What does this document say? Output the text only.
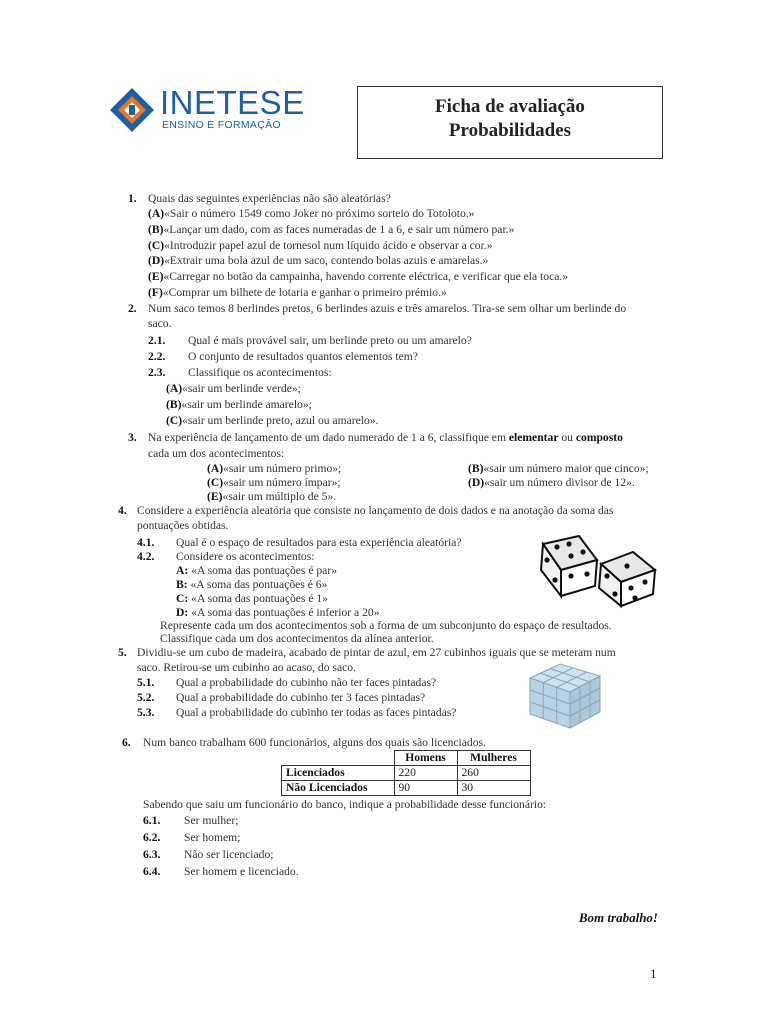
INETESE
ENSINO E FORMAÇÃO
Ficha de avaliação
Probabilidades
1. Quais das seguintes experiências não são aleatórias?
(A)«Sair o número 1549 como Joker no próximo sorteio do Totoloto.»
(B)«Lançar um dado, com as faces numeradas de 1 a 6, e sair um número par.»
(C)«Introduzir papel azul de tornesol num líquido ácido e observar a cor.»
(D)«Extrair uma bola azul de um saco, contendo bolas azuis e amarelas.»
(E)«Carregar no botão da campainha, havendo corrente eléctrica, e verificar que ela toca.»
(F)«Comprar um bilhete de lotaria e ganhar o primeiro prémio.»
2. Num saco temos 8 berlindes pretos, 6 berlindes azuis e três amarelos. Tira-se sem olhar um berlinde do
saco.
2.1. Qual é mais provável sair, um berlinde preto ou um amarelo?
2.2. O conjunto de resultados quantos elementos tem?
2.3. Classifique os acontecimentos:
(A)«sair um berlinde verde»;
(B)«sair um berlinde amarelo»;
(C)«sair um berlinde preto, azul ou amarelo».
3. Na experiência de lançamento de um dado numerado de 1 a 6, classifique em elementar ou composto
cada um dos acontecimentos:
(A)«sair um número primo»;	(B)«sair um número maior que cinco»;
(C)«sair um número ímpar»;	(D)«sair um número divisor de 12».
(E)«sair um múltiplo de 5».
4. Considere a experiência aleatória que consiste no lançamento de dois dados e na anotação da soma das
pontuações obtidas.
4.1. Qual é o espaço de resultados para esta experiência aleatória?
4.2. Considere os acontecimentos:
A: «A soma das pontuações é par»
B: «A soma das pontuações é 6»
C: «A soma das pontuações é 1»
D: «A soma das pontuações é inferior a 20»
Represente cada um dos acontecimentos sob a forma de um subconjunto do espaço de resultados.
Classifique cada um dos acontecimentos da alínea anterior.
5. Dividiu-se um cubo de madeira, acabado de pintar de azul, em 27 cubinhos iguais que se meteram num
saco. Retirou-se um cubinho ao acaso, do saco.
5.1. Qual a probabilidade do cubinho não ter faces pintadas?
5.2. Qual a probabilidade do cubinho ter 3 faces pintadas?
5.3. Qual a probabilidade do cubinho ter todas as faces pintadas?
6. Num banco trabalham 600 funcionários, alguns dos quais são licenciados.
	Homens	Mulheres
Licenciados	220	260
Não Licenciados	90	30
Sabendo que saiu um funcionário do banco, indique a probabilidade desse funcionário:
6.1. Ser mulher;
6.2. Ser homem;
6.3. Não ser licenciado;
6.4. Ser homem e licenciado.
Bom trabalho!
1
